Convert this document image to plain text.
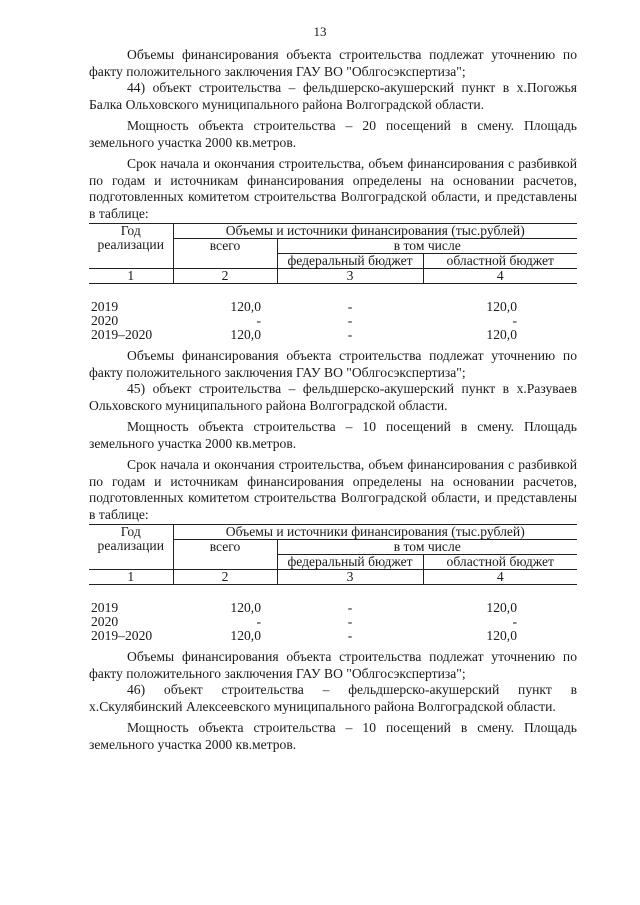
13

Объемы финансирования объекта строительства подлежат уточнению по факту положительного заключения ГАУ ВО "Облгосэкспертиза";

44) объект строительства – фельдшерско-акушерский пункт в х.Погожья Балка Ольховского муниципального района Волгоградской области.

Мощность объекта строительства – 20 посещений в смену. Площадь земельного участка 2000 кв.метров.

Срок начала и окончания строительства, объем финансирования с разбивкой по годам и источникам финансирования определены на основании расчетов, подготовленных комитетом строительства Волгоградской области, и представлены в таблице:

Год реализации	Объемы и источники финансирования (тыс.рублей)		
	всего	в том числе	
		федеральный бюджет	областной бюджет
1	2	3	4

2019	120,0	-	120,0
2020	-	-	-
2019–2020	120,0	-	120,0

Объемы финансирования объекта строительства подлежат уточнению по факту положительного заключения ГАУ ВО "Облгосэкспертиза";

45) объект строительства – фельдшерско-акушерский пункт в х.Разуваев Ольховского муниципального района Волгоградской области.

Мощность объекта строительства – 10 посещений в смену. Площадь земельного участка 2000 кв.метров.

Срок начала и окончания строительства, объем финансирования с разбивкой по годам и источникам финансирования определены на основании расчетов, подготовленных комитетом строительства Волгоградской области, и представлены в таблице:

Год реализации	Объемы и источники финансирования (тыс.рублей)		
	всего	в том числе	
		федеральный бюджет	областной бюджет
1	2	3	4

2019	120,0	-	120,0
2020	-	-	-
2019–2020	120,0	-	120,0

Объемы финансирования объекта строительства подлежат уточнению по факту положительного заключения ГАУ ВО "Облгосэкспертиза";

46) объект строительства – фельдшерско-акушерский пункт в х.Скулябинский Алексеевского муниципального района Волгоградской области.

Мощность объекта строительства – 10 посещений в смену. Площадь земельного участка 2000 кв.метров.
